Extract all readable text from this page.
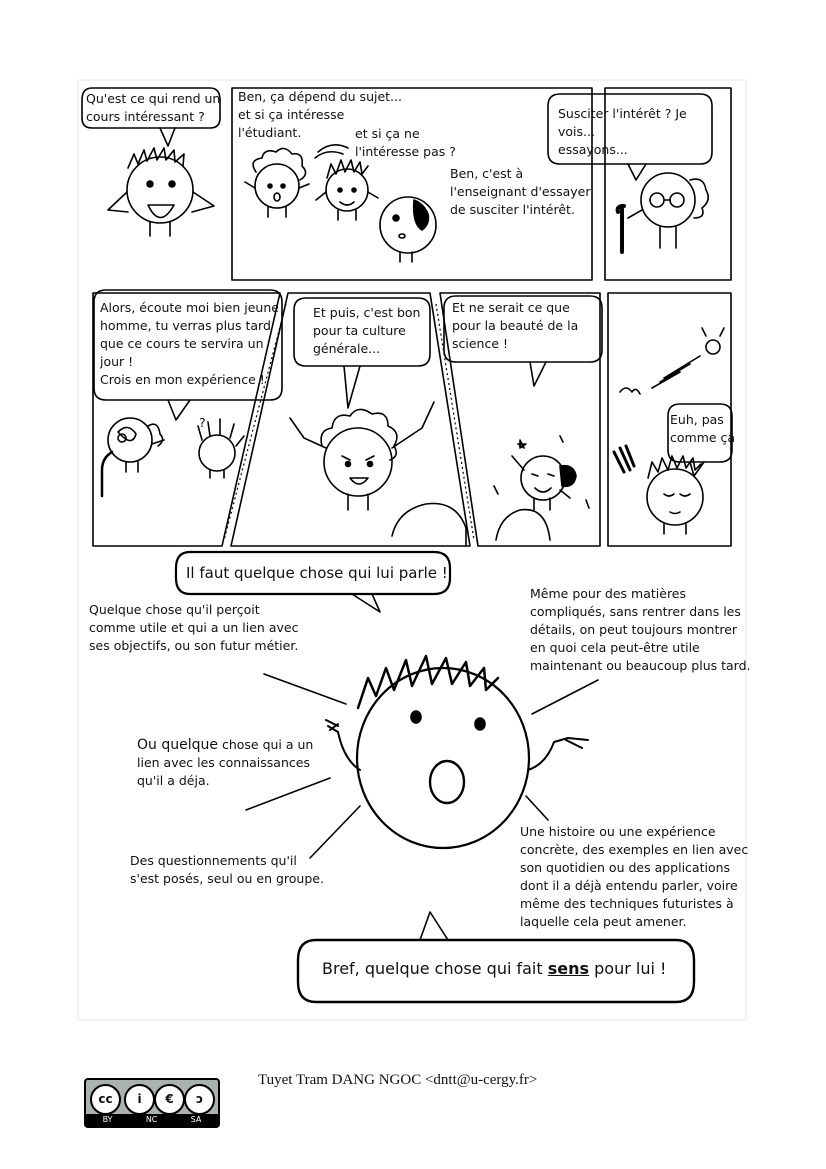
Qu'est ce qui rend un
cours intéressant ?
Ben, ça dépend du sujet...
et si ça intéresse
l'étudiant.	et si ça ne
l'intéresse pas ?
Ben, c'est à
l'enseignant d'essayer
de susciter l'intérêt.
Susciter l'intérêt ? Je
vois...
essayons...
Alors, écoute moi bien jeune
homme, tu verras plus tard
que ce cours te servira un
jour !
Crois en mon expérience !
?
Et puis, c'est bon
pour ta culture
générale...
Et ne serait ce que
pour la beauté de la
science !
Euh, pas
comme ça
Il faut quelque chose qui lui parle !
Quelque chose qu'il perçoit
comme utile et qui a un lien avec
ses objectifs, ou son futur métier.
Même pour des matières
compliqués, sans rentrer dans les
détails, on peut toujours montrer
en quoi cela peut-être utile
maintenant ou beaucoup plus tard.
Ou quelque chose qui a un
lien avec les connaissances
qu'il a déja.
Des questionnements qu'il
s'est posés, seul ou en groupe.
Une histoire ou une expérience
concrète, des exemples en lien avec
son quotidien ou des applications
dont il a déjà entendu parler, voire
même des techniques futuristes à
laquelle cela peut amener.
Bref, quelque chose qui fait sens pour lui !
cc	i	€	ↄ
BY	NC	SA
Tuyet Tram DANG NGOC <dntt@u-cergy.fr>
